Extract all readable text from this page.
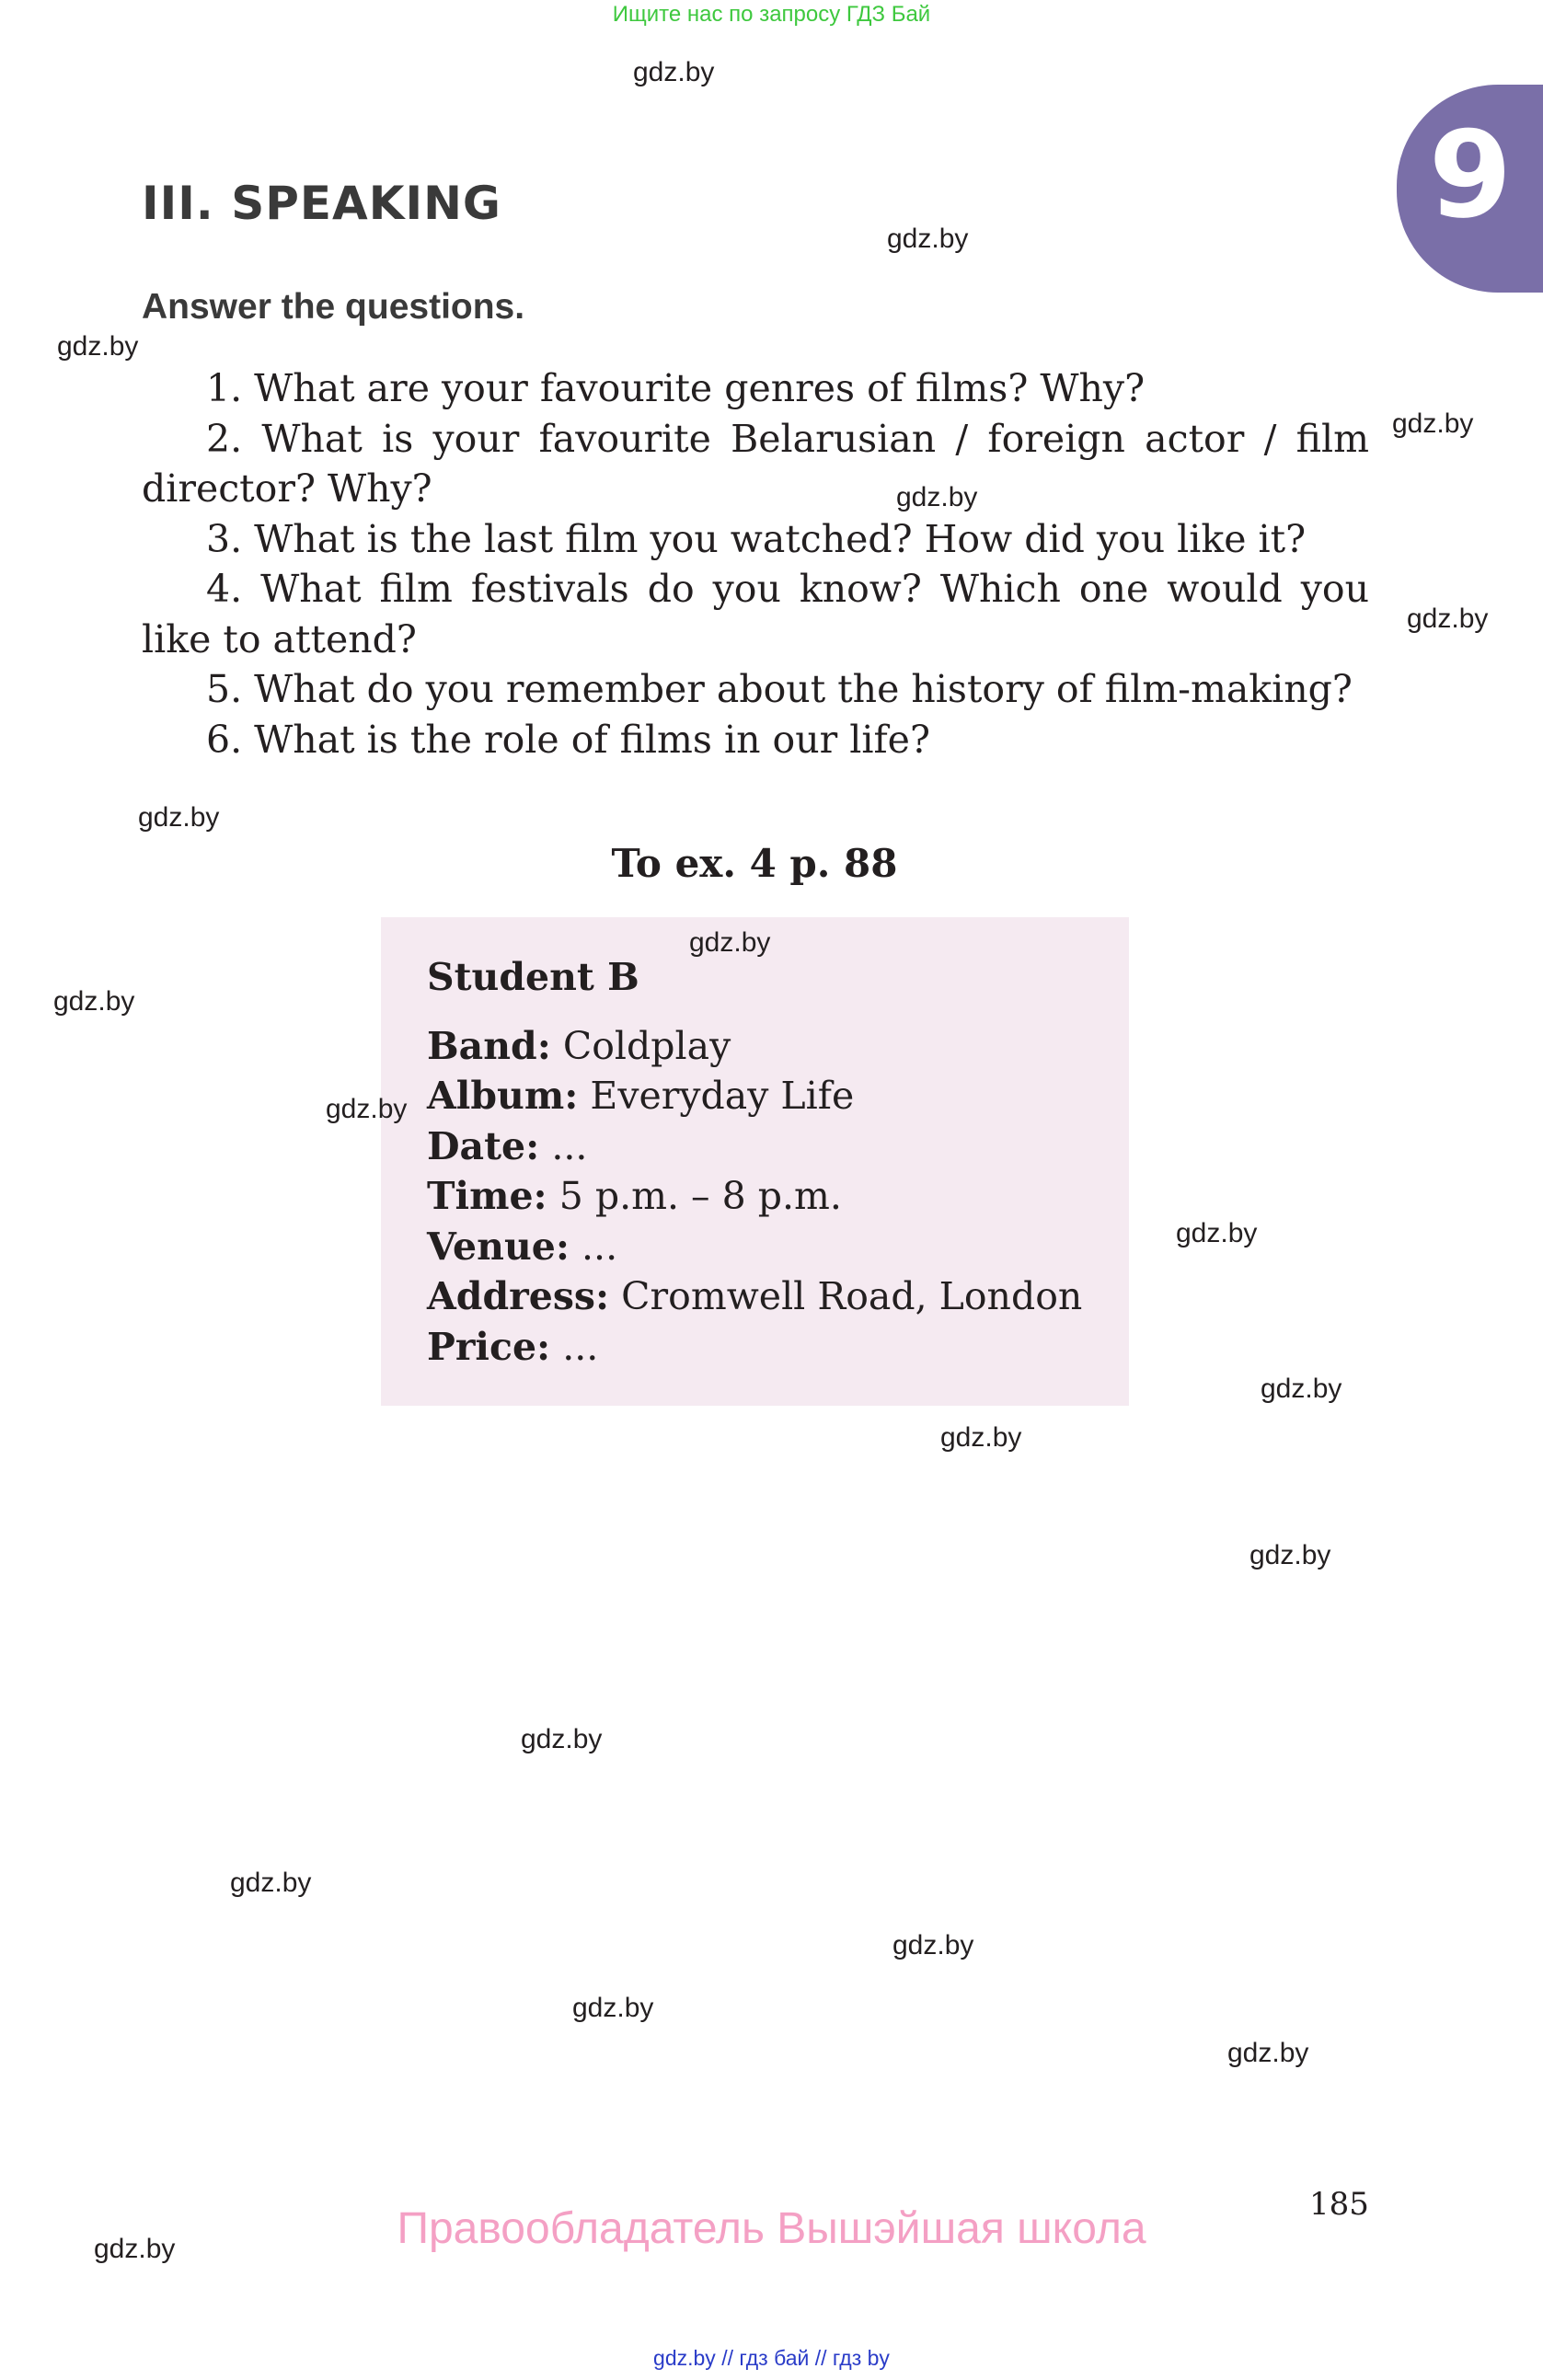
Ищите нас по запросу ГДЗ Бай
9
III. SPEAKING
Answer the questions.

1. What are your favourite genres of films? Why?

2. What is your favourite Belarusian / foreign actor / film director? Why?

3. What is the last film you watched? How did you like it?

4. What film festivals do you know? Which one would you like to attend?

5. What do you remember about the history of film-making?

6. What is the role of films in our life?

To ex. 4 p. 88
Student B
Band: Coldplay
Album: Everyday Life
Date: ...
Time: 5 p.m. – 8 p.m.
Venue: ...
Address: Cromwell Road, London
Price: ...
gdz.by
gdz.by
gdz.by
gdz.by
gdz.by
gdz.by
gdz.by
gdz.by
gdz.by
gdz.by
gdz.by
gdz.by
gdz.by
gdz.by
gdz.by
gdz.by
gdz.by
gdz.by
gdz.by
gdz.by
185
Правообладатель Вышэйшая школа
gdz.by // гдз бай // гдз by
